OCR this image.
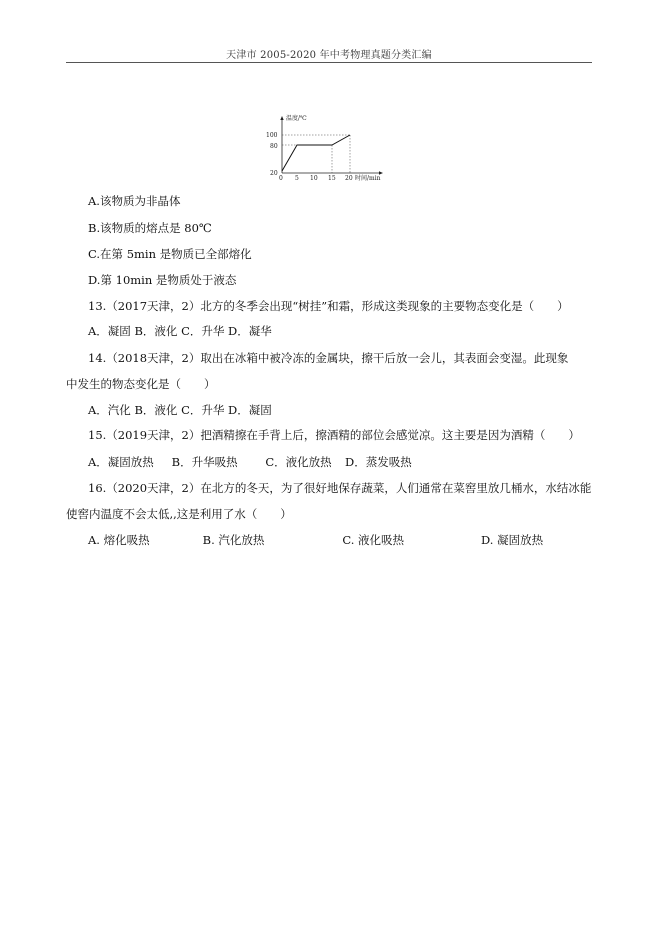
天津市 2005-2020 年中考物理真题分类汇编
温度/℃
时间/min
100
80
20
0 5 10 15 20
A.该物质为非晶体
B.该物质的熔点是 80℃
C.在第 5min 是物质已全部熔化
D.第 10min 是物质处于液态
13.（2017天津，2）北方的冬季会出现“树挂”和霜，形成这类现象的主要物态变化是（　　）
A．凝固 B．液化 C．升华 D．凝华
14.（2018天津，2）取出在冰箱中被冷冻的金属块，擦干后放一会儿，其表面会变湿。此现象
中发生的物态变化是（　　）
A．汽化 B．液化 C．升华 D．凝固
15.（2019天津，2）把酒精擦在手背上后，擦酒精的部位会感觉凉。这主要是因为酒精（　　）
A．凝固放热 B．升华吸热 C．液化放热 D．蒸发吸热
16.（2020天津，2）在北方的冬天，为了很好地保存蔬菜，人们通常在菜窖里放几桶水，水结冰能
使窖内温度不会太低,,这是利用了水（　　）
A. 熔化吸热	B. 汽化放热	C. 液化吸热	D. 凝固放热
